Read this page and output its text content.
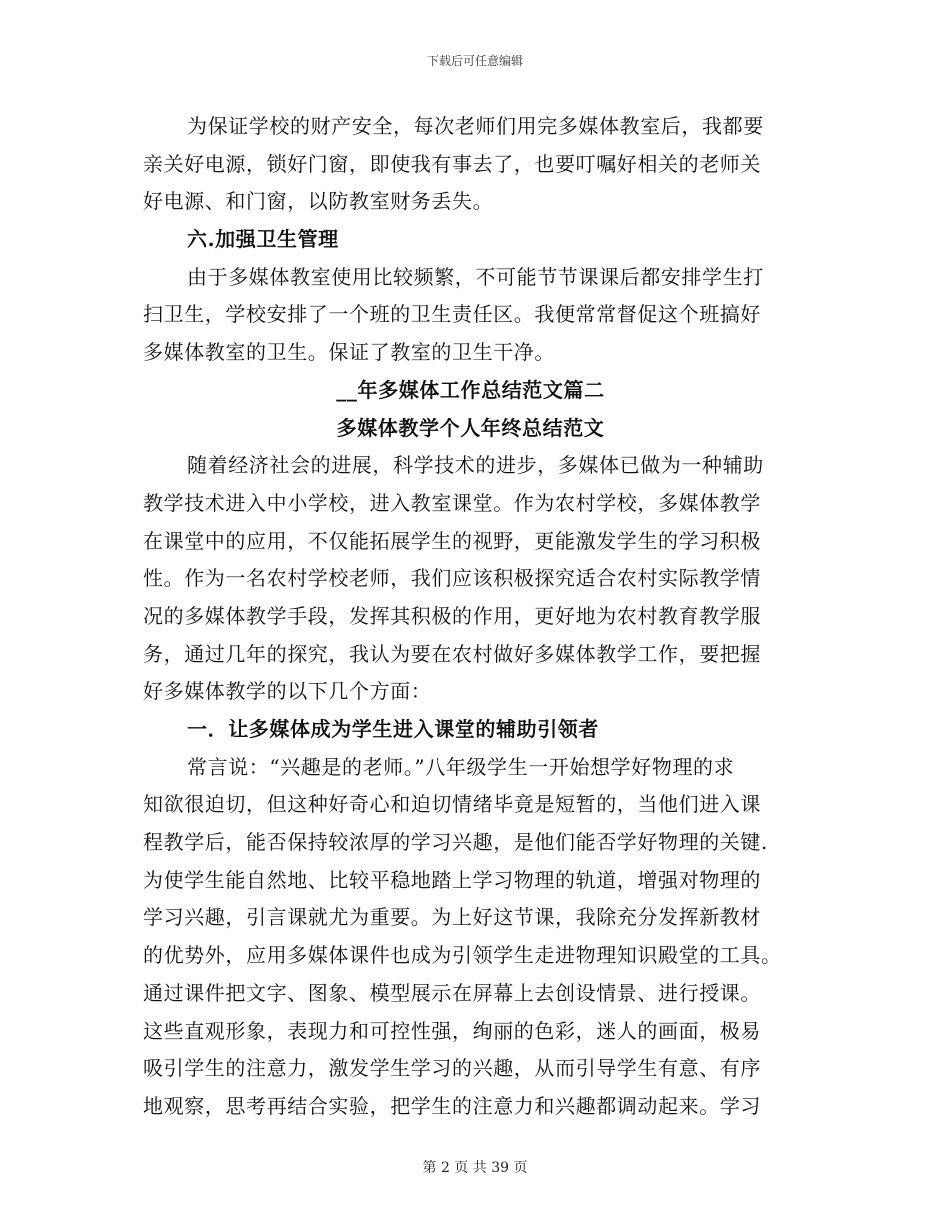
下载后可任意编辑
为保证学校的财产安全，每次老师们用完多媒体教室后，我都要
亲关好电源，锁好门窗，即使我有事去了，也要叮嘱好相关的老师关
好电源、和门窗，以防教室财务丢失。
六.加强卫生管理
由于多媒体教室使用比较频繁，不可能节节课课后都安排学生打
扫卫生，学校安排了一个班的卫生责任区。我便常常督促这个班搞好
多媒体教室的卫生。保证了教室的卫生干净。
__年多媒体工作总结范文篇二
多媒体教学个人年终总结范文
随着经济社会的进展，科学技术的进步，多媒体已做为一种辅助
教学技术进入中小学校，进入教室课堂。作为农村学校，多媒体教学
在课堂中的应用，不仅能拓展学生的视野，更能激发学生的学习积极
性。作为一名农村学校老师，我们应该积极探究适合农村实际教学情
况的多媒体教学手段，发挥其积极的作用，更好地为农村教育教学服
务，通过几年的探究，我认为要在农村做好多媒体教学工作，要把握
好多媒体教学的以下几个方面：
一．让多媒体成为学生进入课堂的辅助引领者
常言说：“兴趣是的老师。”八年级学生一开始想学好物理的求
知欲很迫切，但这种好奇心和迫切情绪毕竟是短暂的，当他们进入课
程教学后，能否保持较浓厚的学习兴趣，是他们能否学好物理的关键.
为使学生能自然地、比较平稳地踏上学习物理的轨道，增强对物理的
学习兴趣，引言课就尤为重要。为上好这节课，我除充分发挥新教材
的优势外，应用多媒体课件也成为引领学生走进物理知识殿堂的工具。
通过课件把文字、图象、模型展示在屏幕上去创设情景、进行授课。
这些直观形象，表现力和可控性强，绚丽的色彩，迷人的画面，极易
吸引学生的注意力，激发学生学习的兴趣，从而引导学生有意、有序
地观察，思考再结合实验，把学生的注意力和兴趣都调动起来。学习
第 2 页 共 39 页
